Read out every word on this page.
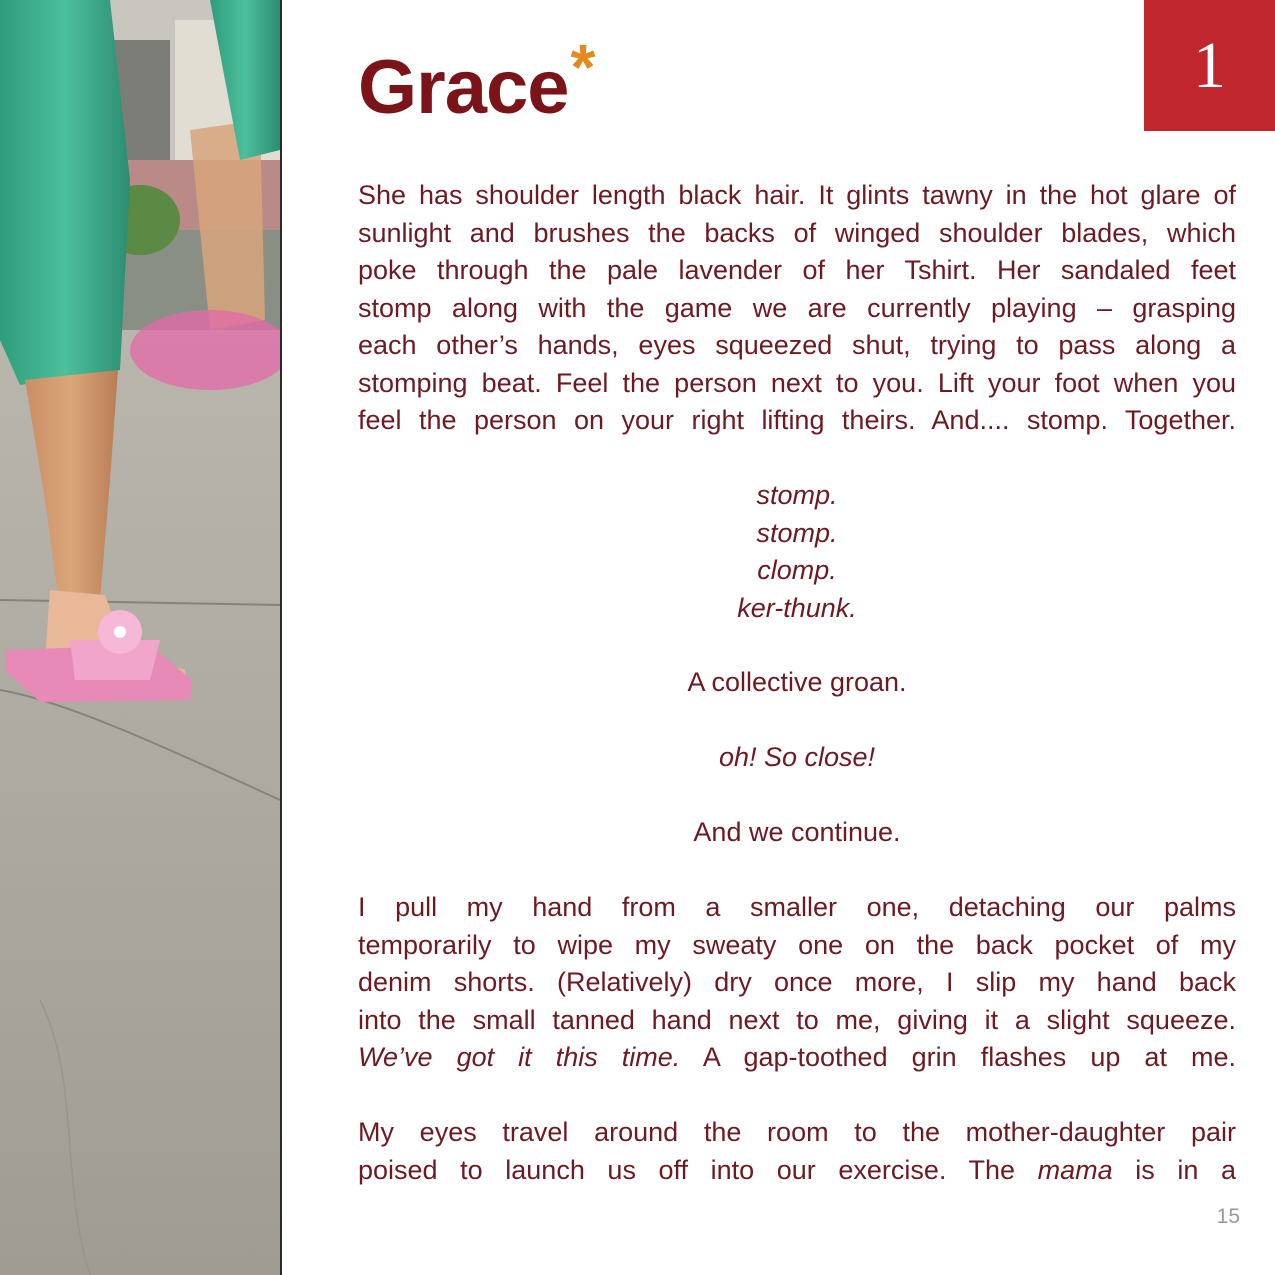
Grace*	1

She has shoulder length black hair. It glints tawny in the hot glare of
sunlight and brushes the backs of winged shoulder blades, which
poke through the pale lavender of her Tshirt. Her sandaled feet
stomp along with the game we are currently playing – grasping
each other’s hands, eyes squeezed shut, trying to pass along a
stomping beat. Feel the person next to you. Lift your foot when you
feel the person on your right lifting theirs. And.... stomp. Together.

stomp.
stomp.
clomp.
ker-thunk.
A collective groan.
oh! So close!
And we continue.

I pull my hand from a smaller one, detaching our palms
temporarily to wipe my sweaty one on the back pocket of my
denim shorts. (Relatively) dry once more, I slip my hand back
into the small tanned hand next to me, giving it a slight squeeze.
We’ve got it this time. A gap-toothed grin flashes up at me.

My eyes travel around the room to the mother-daughter pair
poised to launch us off into our exercise. The mama is in a

15
